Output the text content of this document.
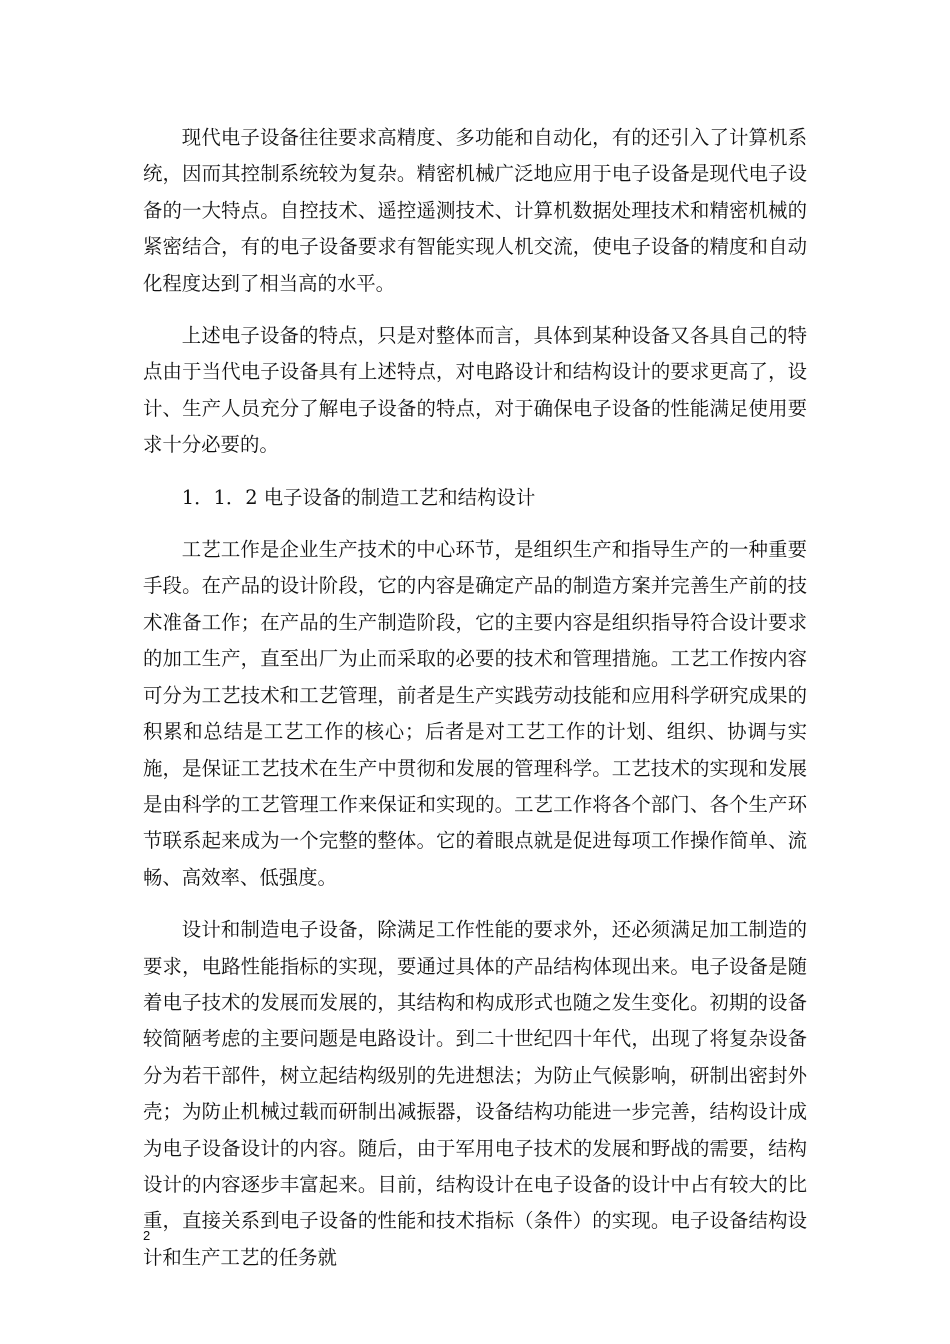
现代电子设备往往要求高精度、多功能和自动化，有的还引入了计算机系统，因而其控制系统较为复杂。精密机械广泛地应用于电子设备是现代电子设备的一大特点。自控技术、遥控遥测技术、计算机数据处理技术和精密机械的紧密结合，有的电子设备要求有智能实现人机交流，使电子设备的精度和自动化程度达到了相当高的水平。

上述电子设备的特点，只是对整体而言，具体到某种设备又各具自己的特点由于当代电子设备具有上述特点，对电路设计和结构设计的要求更高了，设计、生产人员充分了解电子设备的特点，对于确保电子设备的性能满足使用要求十分必要的。

1．1．2 电子设备的制造工艺和结构设计

工艺工作是企业生产技术的中心环节，是组织生产和指导生产的一种重要手段。在产品的设计阶段，它的内容是确定产品的制造方案并完善生产前的技术准备工作；在产品的生产制造阶段，它的主要内容是组织指导符合设计要求的加工生产，直至出厂为止而采取的必要的技术和管理措施。工艺工作按内容可分为工艺技术和工艺管理，前者是生产实践劳动技能和应用科学研究成果的积累和总结是工艺工作的核心；后者是对工艺工作的计划、组织、协调与实施，是保证工艺技术在生产中贯彻和发展的管理科学。工艺技术的实现和发展是由科学的工艺管理工作来保证和实现的。工艺工作将各个部门、各个生产环节联系起来成为一个完整的整体。它的着眼点就是促进每项工作操作简单、流畅、高效率、低强度。

设计和制造电子设备，除满足工作性能的要求外，还必须满足加工制造的要求，电路性能指标的实现，要通过具体的产品结构体现出来。电子设备是随着电子技术的发展而发展的，其结构和构成形式也随之发生变化。初期的设备较简陋考虑的主要问题是电路设计。到二十世纪四十年代，出现了将复杂设备分为若干部件，树立起结构级别的先进想法；为防止气候影响，研制出密封外壳；为防止机械过载而研制出减振器，设备结构功能进一步完善，结构设计成为电子设备设计的内容。随后，由于军用电子技术的发展和野战的需要，结构设计的内容逐步丰富起来。目前，结构设计在电子设备的设计中占有较大的比重，直接关系到电子设备的性能和技术指标（条件）的实现。电子设备结构设计和生产工艺的任务就

2
